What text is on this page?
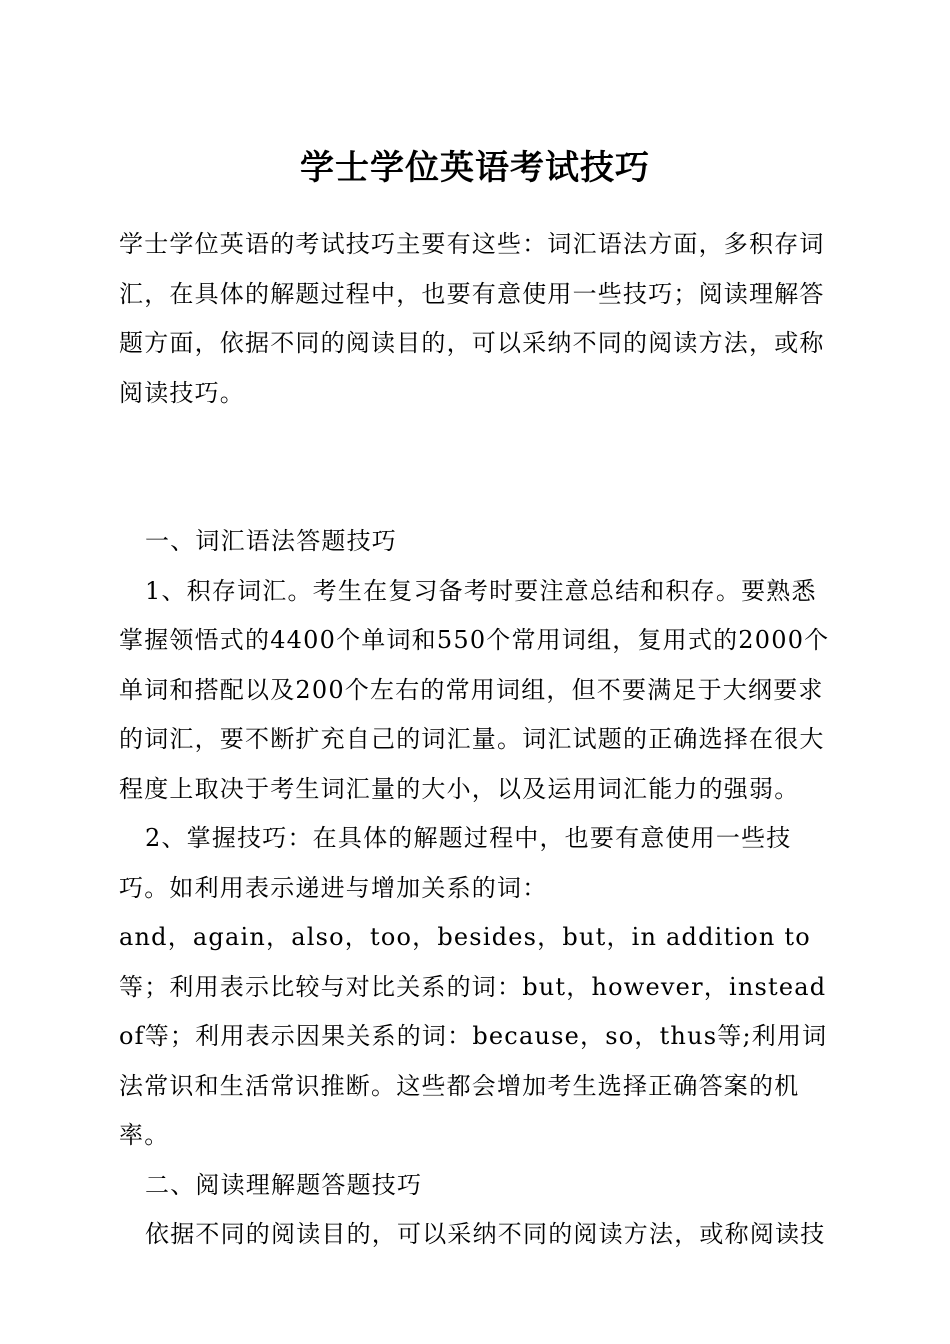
学士学位英语考试技巧

学士学位英语的考试技巧主要有这些：词汇语法方面，多积存词汇，在具体的解题过程中，也要有意使用一些技巧；阅读理解答题方面，依据不同的阅读目的，可以采纳不同的阅读方法，或称阅读技巧。

一、词汇语法答题技巧

1、积存词汇。考生在复习备考时要注意总结和积存。要熟悉掌握领悟式的4400个单词和550个常用词组，复用式的2000个单词和搭配以及200个左右的常用词组，但不要满足于大纲要求的词汇，要不断扩充自己的词汇量。词汇试题的正确选择在很大程度上取决于考生词汇量的大小，以及运用词汇能力的强弱。

2、掌握技巧：在具体的解题过程中，也要有意使用一些技巧。如利用表示递进与增加关系的词：

and，again，also，too，besides，but，in addition to等；利用表示比较与对比关系的词：but，however，instead of等；利用表示因果关系的词：because，so，thus等;利用词法常识和生活常识推断。这些都会增加考生选择正确答案的机率。

二、阅读理解题答题技巧

依据不同的阅读目的，可以采纳不同的阅读方法，或称阅读技
